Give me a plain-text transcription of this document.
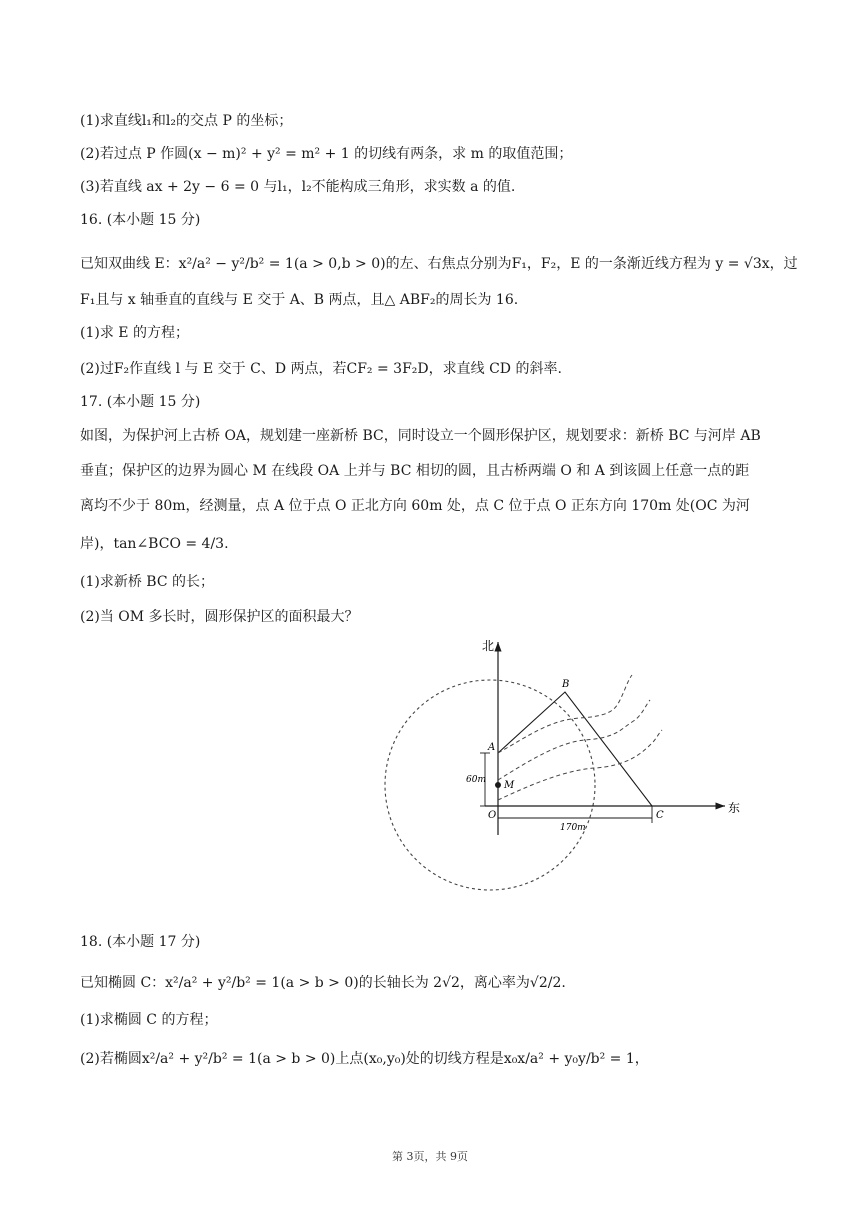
(1)求直线l₁和l₂的交点 P 的坐标；
(2)若过点 P 作圆(x − m)² + y² = m² + 1 的切线有两条，求 m 的取值范围；
(3)若直线 ax + 2y − 6 = 0 与l₁，l₂不能构成三角形，求实数 a 的值.
16. (本小题 15 分)
已知双曲线 E：x²/a² − y²/b² = 1(a > 0,b > 0)的左、右焦点分别为F₁，F₂，E 的一条渐近线方程为 y = √3x，过
F₁且与 x 轴垂直的直线与 E 交于 A、B 两点，且△ ABF₂的周长为 16.
(1)求 E 的方程；
(2)过F₂作直线 l 与 E 交于 C、D 两点，若CF₂ = 3F₂D，求直线 CD 的斜率.
17. (本小题 15 分)
如图，为保护河上古桥 OA，规划建一座新桥 BC，同时设立一个圆形保护区，规划要求：新桥 BC 与河岸 AB
垂直；保护区的边界为圆心 M 在线段 OA 上并与 BC 相切的圆，且古桥两端 O 和 A 到该圆上任意一点的距
离均不少于 80m，经测量，点 A 位于点 O 正北方向 60m 处，点 C 位于点 O 正东方向 170m 处(OC 为河
岸)，tan∠BCO = 4/3.
(1)求新桥 BC 的长；
(2)当 OM 多长时，圆形保护区的面积最大？
北
东
B
A
M
O	C
60m
170m
18. (本小题 17 分)
已知椭圆 C：x²/a² + y²/b² = 1(a > b > 0)的长轴长为 2√2，离心率为√2/2.
(1)求椭圆 C 的方程；
(2)若椭圆x²/a² + y²/b² = 1(a > b > 0)上点(x₀,y₀)处的切线方程是x₀x/a² + y₀y/b² = 1，
第 3页，共 9页
